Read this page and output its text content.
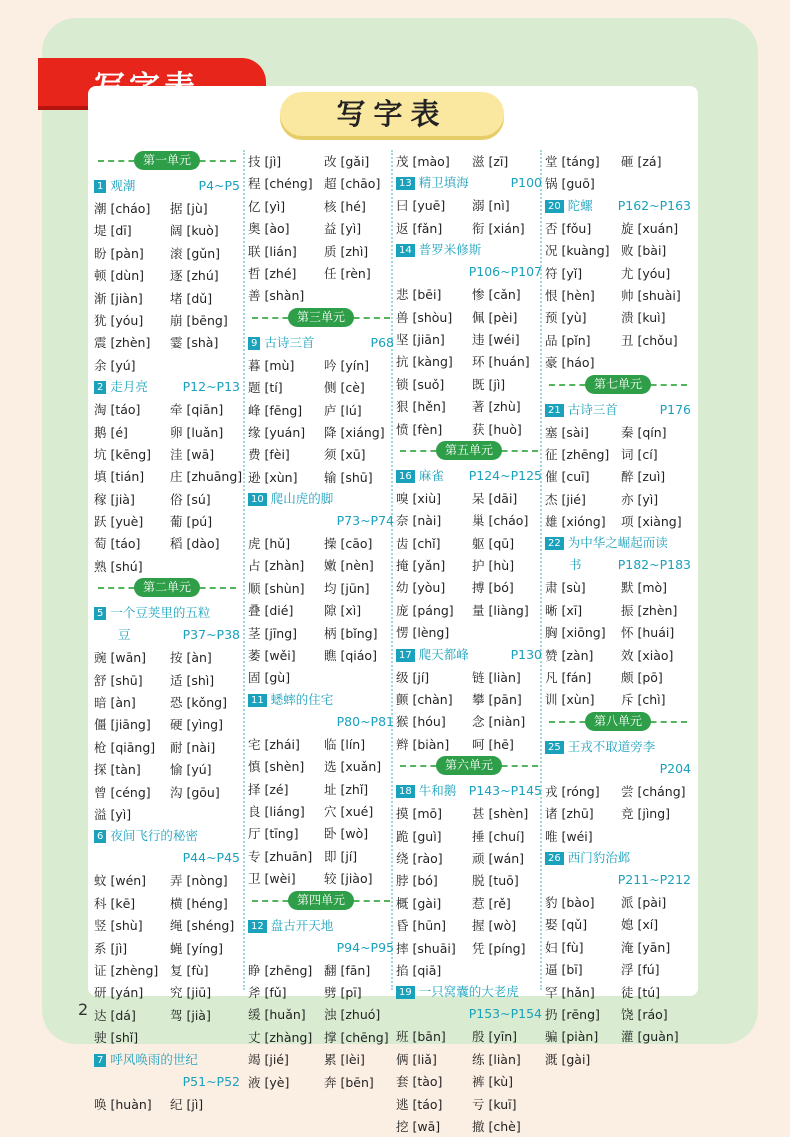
写字表
第一单元
1 观潮	P4~P5
潮 [cháo] 据 [jù]
堤 [dī]	阔 [kuò]
盼 [pàn] 滚 [gǔn]
顿 [dùn] 逐 [zhú]
渐 [jiàn] 堵 [dǔ]
犹 [yóu] 崩 [bēng]
震 [zhèn] 霎 [shà]
余 [yú]
2 走月亮	P12~P13
淘 [táo] 牵 [qiān]
鹅 [é]	卵 [luǎn]
坑 [kēng] 洼 [wā]
填 [tián] 庄 [zhuāng]
稼 [jià]	俗 [sú]
跃 [yuè] 葡 [pú]
萄 [táo] 稻 [dào]
熟 [shú]
第二单元
5 一个豆荚里的五粒
豆	P37~P38
豌 [wān] 按 [àn]
舒 [shū] 适 [shì]
暗 [àn]	恐 [kǒng]
僵 [jiāng] 硬 [yìng]
枪 [qiāng] 耐 [nài]
探 [tàn] 愉 [yú]
曾 [céng] 沟 [gōu]
溢 [yì]
6 夜间飞行的秘密
P44~P45
蚊 [wén] 弄 [nòng]
科 [kē]	横 [héng]
竖 [shù] 绳 [shéng]
系 [jì]	蝇 [yíng]
证 [zhèng] 复 [fù]
研 [yán] 究 [jiū]
达 [dá]	驾 [jià]
驶 [shǐ]
7 呼风唤雨的世纪
P51~P52
唤 [huàn] 纪 [jì]
技 [jì]	改 [gǎi]
程 [chéng] 超 [chāo]
亿 [yì]	核 [hé]
奥 [ào]	益 [yì]
联 [lián] 质 [zhì]
哲 [zhé] 任 [rèn]
善 [shàn]
第三单元
9 古诗三首	P68
暮 [mù] 吟 [yín]
题 [tí]	侧 [cè]
峰 [fēng] 庐 [lú]
缘 [yuán] 降 [xiáng]
费 [fèi]	须 [xū]
逊 [xùn] 输 [shū]
10 爬山虎的脚
P73~P74
虎 [hǔ]	操 [cāo]
占 [zhàn] 嫩 [nèn]
顺 [shùn] 均 [jūn]
叠 [dié] 隙 [xì]
茎 [jīng] 柄 [bǐng]
萎 [wěi] 瞧 [qiáo]
固 [gù]
11 蟋蟀的住宅
P80~P81
宅 [zhái] 临 [lín]
慎 [shèn] 选 [xuǎn]
择 [zé]	址 [zhǐ]
良 [liáng] 穴 [xué]
厅 [tīng] 卧 [wò]
专 [zhuān] 即 [jí]
卫 [wèi] 较 [jiào]
第四单元
12 盘古开天地
P94~P95
睁 [zhēng] 翻 [fān]
斧 [fǔ]	劈 [pī]
缓 [huǎn] 浊 [zhuó]
丈 [zhàng] 撑 [chēng]
竭 [jié]	累 [lèi]
液 [yè]	奔 [bēn]
茂 [mào] 滋 [zī]
13 精卫填海	P100
曰 [yuē] 溺 [nì]
返 [fǎn] 衔 [xián]
14 普罗米修斯
P106~P107
悲 [bēi] 惨 [cǎn]
兽 [shòu] 佩 [pèi]
坚 [jiān] 违 [wéi]
抗 [kàng] 环 [huán]
锁 [suǒ] 既 [jì]
狠 [hěn] 著 [zhù]
愤 [fèn] 获 [huò]
第五单元
16 麻雀 P124~P125
嗅 [xiù] 呆 [dāi]
奈 [nài] 巢 [cháo]
齿 [chǐ]	躯 [qū]
掩 [yǎn] 护 [hù]
幼 [yòu] 搏 [bó]
庞 [páng] 量 [liàng]
愣 [lèng]
17 爬天都峰	P130
级 [jí]	链 [liàn]
颤 [chàn] 攀 [pān]
猴 [hóu] 念 [niàn]
辫 [biàn] 呵 [hē]
第六单元
18 牛和鹅 P143~P145
摸 [mō] 甚 [shèn]
跪 [guì] 捶 [chuí]
绕 [rào] 顽 [wán]
脖 [bó]	脱 [tuō]
概 [gài] 惹 [rě]
昏 [hūn] 握 [wò]
摔 [shuāi] 凭 [píng]
掐 [qiā]
19 一只窝囊的大老虎
P153~P154
班 [bān] 殷 [yīn]
俩 [liǎ]	练 [liàn]
套 [tào] 裤 [kù]
逃 [táo] 亏 [kuī]
挖 [wā]	撤 [chè]
堂 [táng] 砸 [zá]
锅 [guō]
20 陀螺 P162~P163
否 [fǒu] 旋 [xuán]
况 [kuàng] 败 [bài]
符 [yǐ]	尤 [yóu]
恨 [hèn] 帅 [shuài]
预 [yù]	溃 [kuì]
品 [pǐn] 丑 [chǒu]
豪 [háo]
第七单元
21 古诗三首	P176
塞 [sài]	秦 [qín]
征 [zhēng] 词 [cí]
催 [cuī]	醉 [zuì]
杰 [jié]	亦 [yì]
雄 [xióng] 项 [xiàng]
22 为中华之崛起而读
书	P182~P183
肃 [sù]	默 [mò]
晰 [xī]	振 [zhèn]
胸 [xiōng] 怀 [huái]
赞 [zàn] 效 [xiào]
凡 [fán] 颇 [pō]
训 [xùn] 斥 [chì]
第八单元
25 王戎不取道旁李
P204
戎 [róng] 尝 [cháng]
诸 [zhū] 竞 [jìng]
唯 [wéi]
26 西门豹治邺
P211~P212
豹 [bào] 派 [pài]
娶 [qǔ]	媳 [xí]
妇 [fù]	淹 [yān]
逼 [bī]	浮 [fú]
罕 [hǎn] 徒 [tú]
扔 [rēng] 饶 [ráo]
骗 [piàn] 灌 [guàn]
溉 [gài]
2
